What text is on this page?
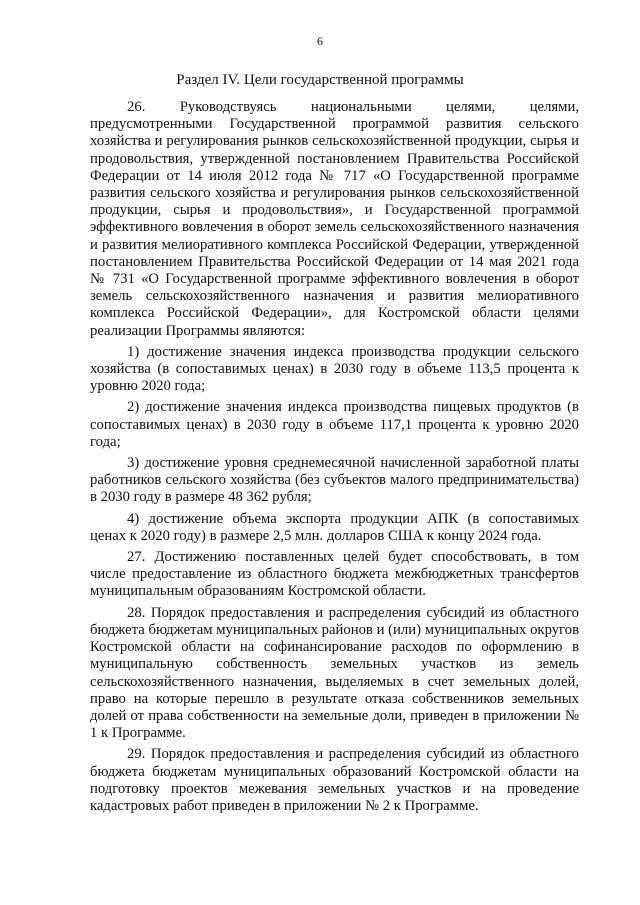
6
Раздел IV. Цели государственной программы

26. Руководствуясь национальными целями, целями, предусмотренными Государственной программой развития сельского хозяйства и регулирования рынков сельскохозяйственной продукции, сырья и продовольствия, утвержденной постановлением Правительства Российской Федерации от 14 июля 2012 года № 717 «О Государственной программе развития сельского хозяйства и регулирования рынков сельскохозяйственной продукции, сырья и продовольствия», и Государственной программой эффективного вовлечения в оборот земель сельскохозяйственного назначения и развития мелиоративного комплекса Российской Федерации, утвержденной постановлением Правительства Российской Федерации от 14 мая 2021 года № 731 «О Государственной программе эффективного вовлечения в оборот земель сельскохозяйственного назначения и развития мелиоративного комплекса Российской Федерации», для Костромской области целями реализации Программы являются:

1) достижение значения индекса производства продукции сельского хозяйства (в сопоставимых ценах) в 2030 году в объеме 113,5 процента к уровню 2020 года;

2) достижение значения индекса производства пищевых продуктов (в сопоставимых ценах) в 2030 году в объеме 117,1 процента к уровню 2020 года;

3) достижение уровня среднемесячной начисленной заработной платы работников сельского хозяйства (без субъектов малого предпринимательства) в 2030 году в размере 48 362 рубля;

4) достижение объема экспорта продукции АПК (в сопоставимых ценах к 2020 году) в размере 2,5 млн. долларов США к концу 2024 года.

27. Достижению поставленных целей будет способствовать, в том числе предоставление из областного бюджета межбюджетных трансфертов муниципальным образованиям Костромской области.

28. Порядок предоставления и распределения субсидий из областного бюджета бюджетам муниципальных районов и (или) муниципальных округов Костромской области на софинансирование расходов по оформлению в муниципальную собственность земельных участков из земель сельскохозяйственного назначения, выделяемых в счет земельных долей, право на которые перешло в результате отказа собственников земельных долей от права собственности на земельные доли, приведен в приложении № 1 к Программе.

29. Порядок предоставления и распределения субсидий из областного бюджета бюджетам муниципальных образований Костромской области на подготовку проектов межевания земельных участков и на проведение кадастровых работ приведен в приложении № 2 к Программе.
